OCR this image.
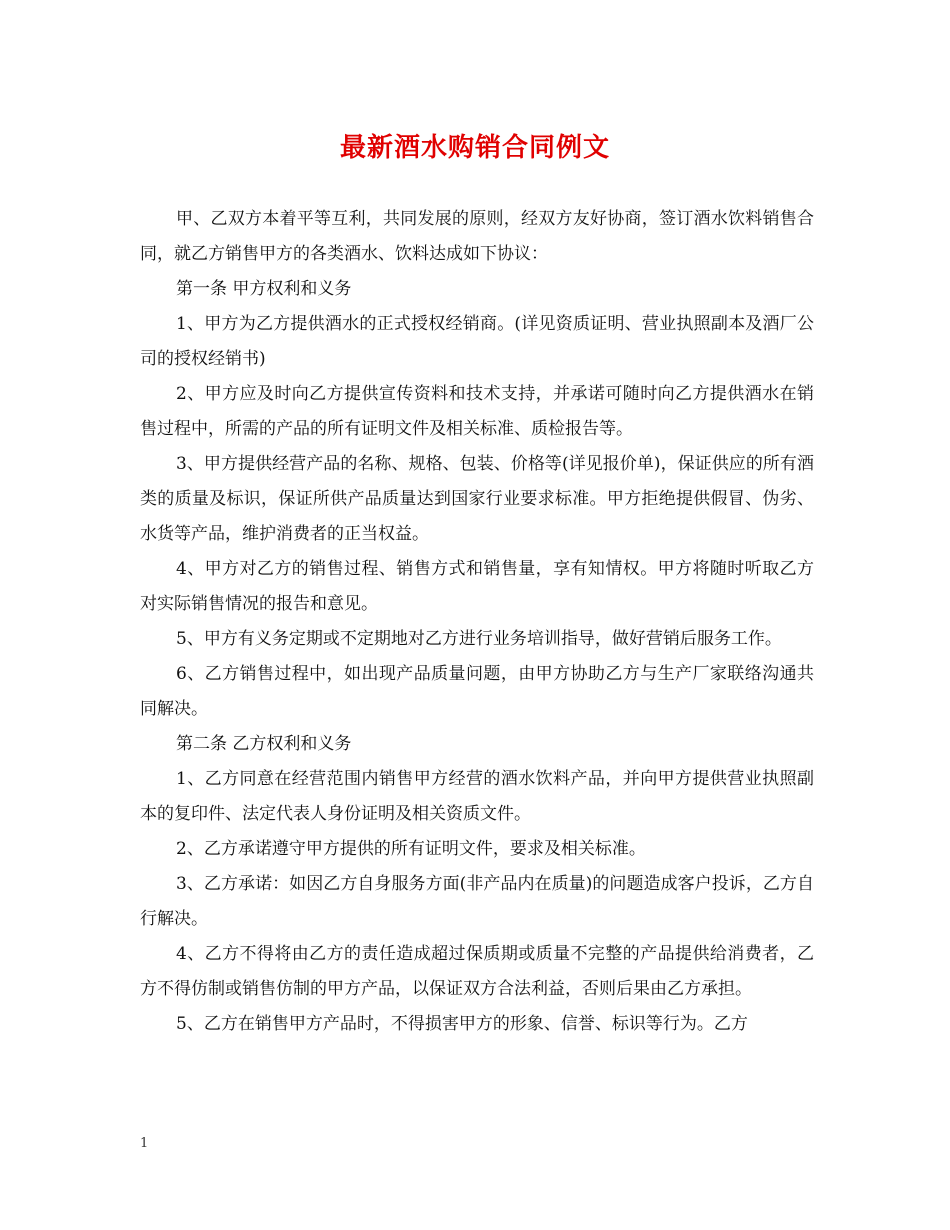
最新酒水购销合同例文

甲、乙双方本着平等互利，共同发展的原则，经双方友好协商，签订酒水饮料销售合同，就乙方销售甲方的各类酒水、饮料达成如下协议：

第一条 甲方权利和义务

1、甲方为乙方提供酒水的正式授权经销商。(详见资质证明、营业执照副本及酒厂公司的授权经销书)

2、甲方应及时向乙方提供宣传资料和技术支持，并承诺可随时向乙方提供酒水在销售过程中，所需的产品的所有证明文件及相关标准、质检报告等。

3、甲方提供经营产品的名称、规格、包装、价格等(详见报价单)，保证供应的所有酒类的质量及标识，保证所供产品质量达到国家行业要求标准。甲方拒绝提供假冒、伪劣、水货等产品，维护消费者的正当权益。

4、甲方对乙方的销售过程、销售方式和销售量，享有知情权。甲方将随时听取乙方对实际销售情况的报告和意见。

5、甲方有义务定期或不定期地对乙方进行业务培训指导，做好营销后服务工作。

6、乙方销售过程中，如出现产品质量问题，由甲方协助乙方与生产厂家联络沟通共同解决。

第二条 乙方权利和义务

1、乙方同意在经营范围内销售甲方经营的酒水饮料产品，并向甲方提供营业执照副本的复印件、法定代表人身份证明及相关资质文件。

2、乙方承诺遵守甲方提供的所有证明文件，要求及相关标准。

3、乙方承诺：如因乙方自身服务方面(非产品内在质量)的问题造成客户投诉，乙方自行解决。

4、乙方不得将由乙方的责任造成超过保质期或质量不完整的产品提供给消费者，乙方不得仿制或销售仿制的甲方产品，以保证双方合法利益，否则后果由乙方承担。

5、乙方在销售甲方产品时，不得损害甲方的形象、信誉、标识等行为。乙方

1
